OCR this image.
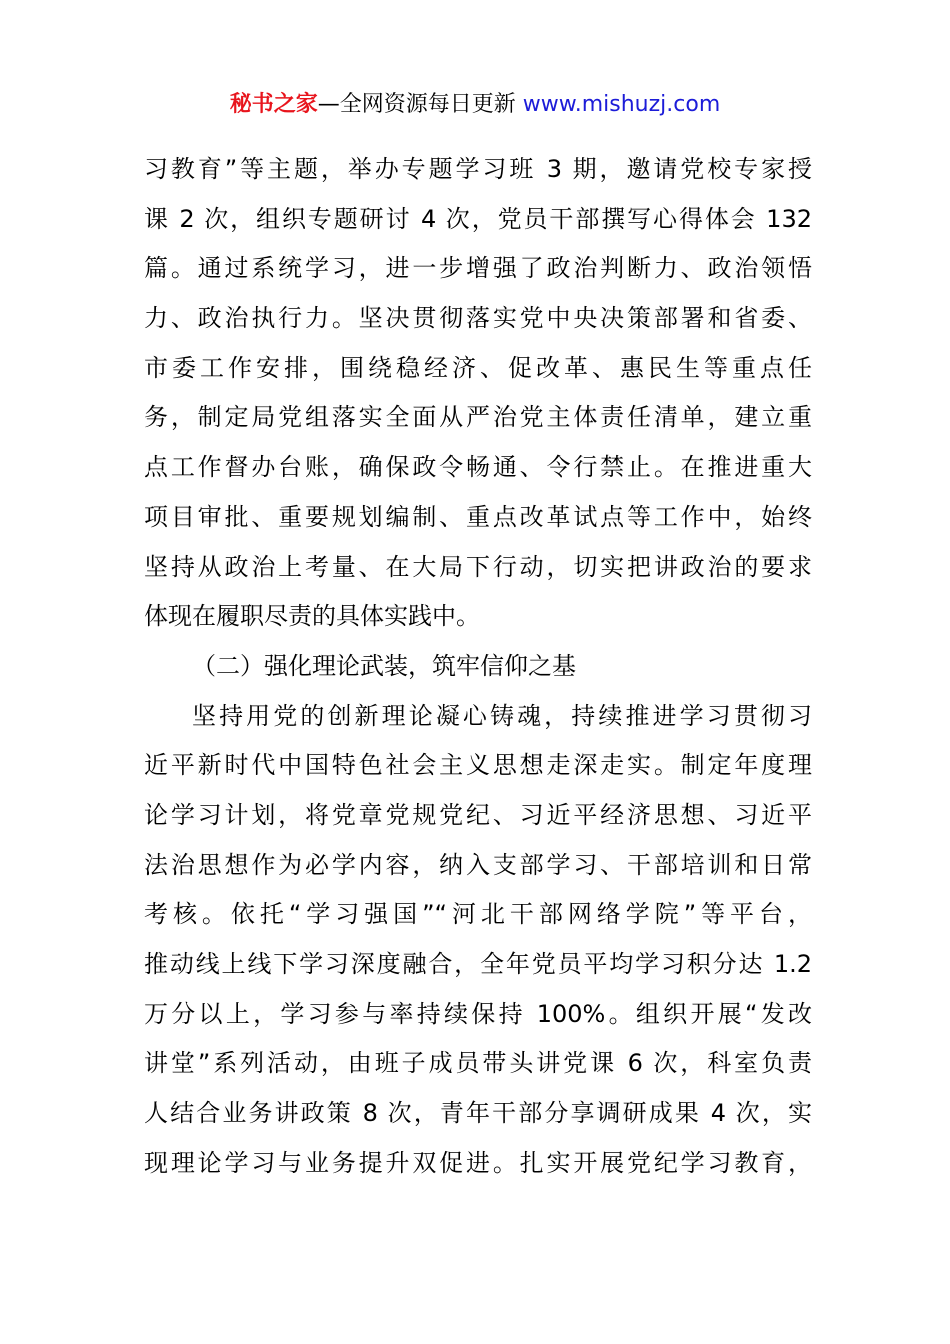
秘书之家—全网资源每日更新 www.mishuzj.com
习教育”等主题，举办专题学习班 3 期，邀请党校专家授
课 2 次，组织专题研讨 4 次，党员干部撰写心得体会 132
篇。通过系统学习，进一步增强了政治判断力、政治领悟
力、政治执行力。坚决贯彻落实党中央决策部署和省委、
市委工作安排，围绕稳经济、促改革、惠民生等重点任
务，制定局党组落实全面从严治党主体责任清单，建立重
点工作督办台账，确保政令畅通、令行禁止。在推进重大
项目审批、重要规划编制、重点改革试点等工作中，始终
坚持从政治上考量、在大局下行动，切实把讲政治的要求
体现在履职尽责的具体实践中。
（二）强化理论武装，筑牢信仰之基
坚持用党的创新理论凝心铸魂，持续推进学习贯彻习
近平新时代中国特色社会主义思想走深走实。制定年度理
论学习计划，将党章党规党纪、习近平经济思想、习近平
法治思想作为必学内容，纳入支部学习、干部培训和日常
考核。依托“学习强国”“河北干部网络学院”等平台，
推动线上线下学习深度融合，全年党员平均学习积分达 1.2
万分以上，学习参与率持续保持 100%。组织开展“发改
讲堂”系列活动，由班子成员带头讲党课 6 次，科室负责
人结合业务讲政策 8 次，青年干部分享调研成果 4 次，实
现理论学习与业务提升双促进。扎实开展党纪学习教育，
